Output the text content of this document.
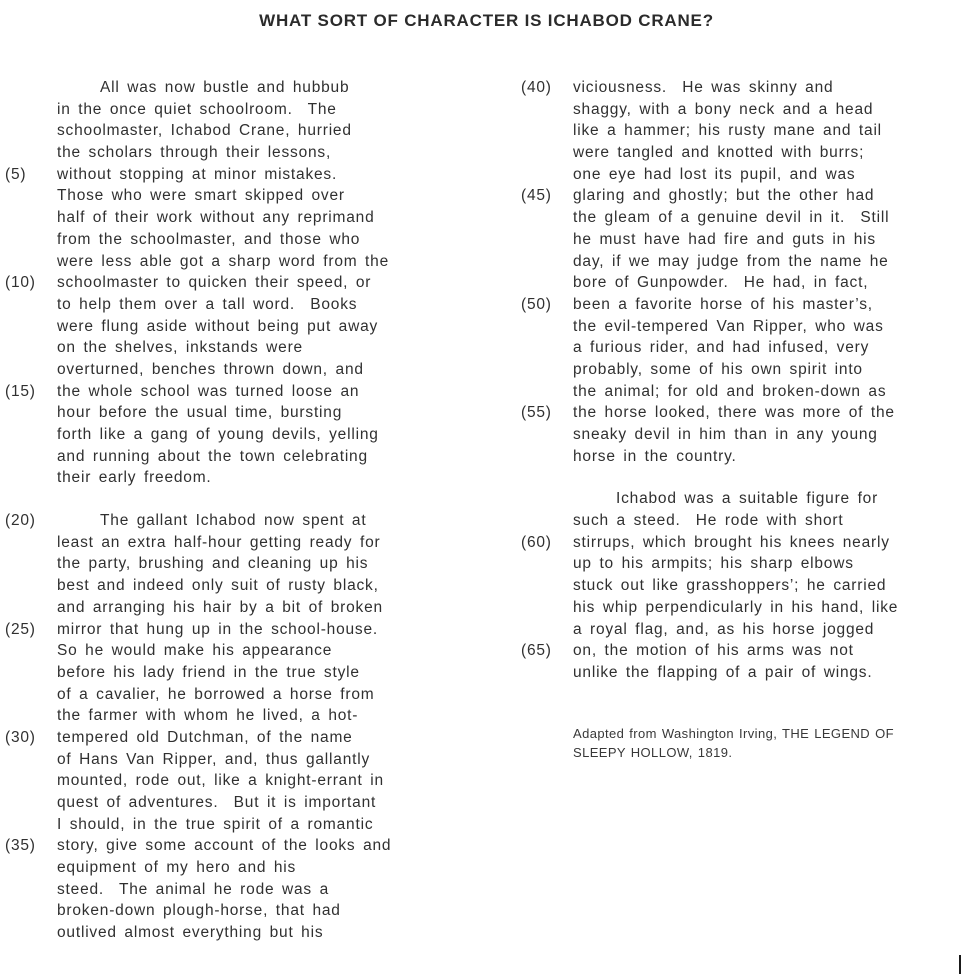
WHAT SORT OF CHARACTER IS ICHABOD CRANE?
All was now bustle and hubbub
in the once quiet schoolroom.  The
schoolmaster, Ichabod Crane, hurried
the scholars through their lessons,
(5)	without stopping at minor mistakes.
Those who were smart skipped over
half of their work without any reprimand
from the schoolmaster, and those who
were less able got a sharp word from the
(10)	schoolmaster to quicken their speed, or
to help them over a tall word.  Books
were flung aside without being put away
on the shelves, inkstands were
overturned, benches thrown down, and
(15)	the whole school was turned loose an
hour before the usual time, bursting
forth like a gang of young devils, yelling
and running about the town celebrating
their early freedom.
(20)	The gallant Ichabod now spent at
least an extra half-hour getting ready for
the party, brushing and cleaning up his
best and indeed only suit of rusty black,
and arranging his hair by a bit of broken
(25)	mirror that hung up in the school-house.
So he would make his appearance
before his lady friend in the true style
of a cavalier, he borrowed a horse from
the farmer with whom he lived, a hot-
(30)	tempered old Dutchman, of the name
of Hans Van Ripper, and, thus gallantly
mounted, rode out, like a knight-errant in
quest of adventures.  But it is important
I should, in the true spirit of a romantic
(35)	story, give some account of the looks and
equipment of my hero and his
steed.  The animal he rode was a
broken-down plough-horse, that had
outlived almost everything but his
(40)	viciousness.  He was skinny and
shaggy, with a bony neck and a head
like a hammer; his rusty mane and tail
were tangled and knotted with burrs;
one eye had lost its pupil, and was
(45)	glaring and ghostly; but the other had
the gleam of a genuine devil in it.  Still
he must have had fire and guts in his
day, if we may judge from the name he
bore of Gunpowder.  He had, in fact,
(50)	been a favorite horse of his master’s,
the evil-tempered Van Ripper, who was
a furious rider, and had infused, very
probably, some of his own spirit into
the animal; for old and broken-down as
(55)	the horse looked, there was more of the
sneaky devil in him than in any young
horse in the country.
Ichabod was a suitable figure for
such a steed.  He rode with short
(60)	stirrups, which brought his knees nearly
up to his armpits; his sharp elbows
stuck out like grasshoppers’; he carried
his whip perpendicularly in his hand, like
a royal flag, and, as his horse jogged
(65)	on, the motion of his arms was not
unlike the flapping of a pair of wings.
Adapted from Washington Irving, THE LEGEND OF
SLEEPY HOLLOW, 1819.
